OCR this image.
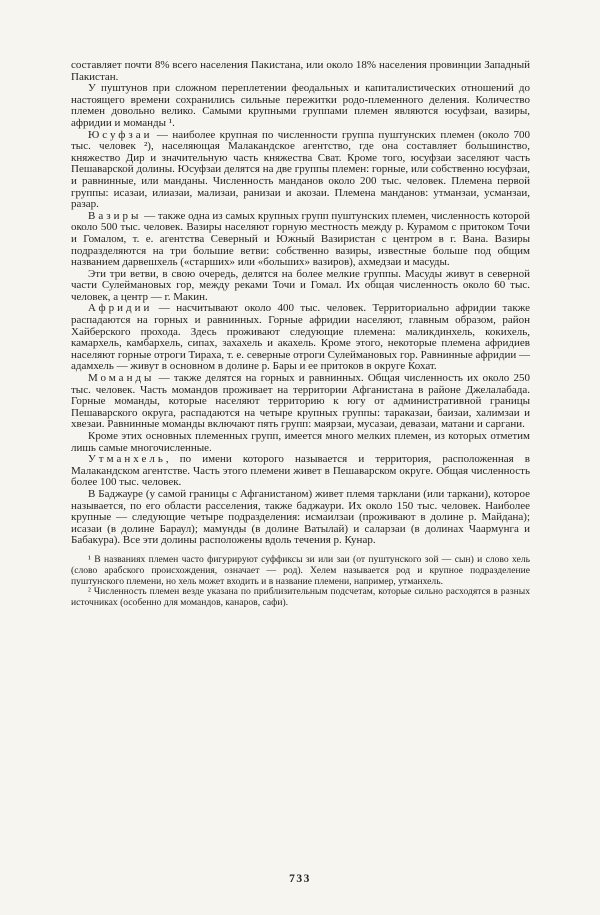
составляет почти 8% всего населения Пакистана, или около 18% населения провинции Западный Пакистан.

У пуштунов при сложном переплетении феодальных и капиталистических отношений до настоящего времени сохранились сильные пережитки родо-племенного деления. Количество племен довольно велико. Самыми крупными группами племен являются юсуфзаи, вазиры, афридии и моманды ¹.

Юсуфзаи — наиболее крупная по численности группа пуштунских племен (около 700 тыс. человек ²), населяющая Малакандское агентство, где она составляет большинство, княжество Дир и значительную часть княжества Сват. Кроме того, юсуфзаи заселяют часть Пешаварской долины. Юсуфзаи делятся на две группы племен: горные, или собственно юсуфзаи, и равнинные, или манданы. Численность манданов около 200 тыс. человек. Племена первой группы: исазаи, илиазаи, мализаи, ранизаи и акозаи. Племена манданов: утманзаи, усманзаи, разар.

Вазиры — также одна из самых крупных групп пуштунских племен, численность которой около 500 тыс. человек. Вазиры населяют горную местность между р. Курамом с притоком Точи и Гомалом, т. е. агентства Северный и Южный Вазиристан с центром в г. Вана. Вазиры подразделяются на три большие ветви: собственно вазиры, известные больше под общим названием дарвешхель («старших» или «больших» вазиров), ахмедзаи и масуды.

Эти три ветви, в свою очередь, делятся на более мелкие группы. Масуды живут в северной части Сулеймановых гор, между реками Точи и Гомал. Их общая численность около 60 тыс. человек, а центр — г. Макин.

Афридии — насчитывают около 400 тыс. человек. Территориально афридии также распадаются на горных и равнинных. Горные афридии населяют, главным образом, район Хайберского прохода. Здесь проживают следующие племена: маликдинхель, кокихель, камархель, камбархель, сипах, захахель и акахель. Кроме этого, некоторые племена афридиев населяют горные отроги Тираха, т. е. северные отроги Сулеймановых гор. Равнинные афридии — адамхель — живут в основном в долине р. Бары и ее притоков в округе Кохат.

Моманды — также делятся на горных и равнинных. Общая численность их около 250 тыс. человек. Часть момандов проживает на территории Афганистана в районе Джелалабада. Горные моманды, которые населяют территорию к югу от административной границы Пешаварского округа, распадаются на четыре крупных группы: тараказаи, баизаи, халимзаи и хвезаи. Равнинные моманды включают пять групп: маярзаи, мусазаи, девазаи, матани и саргани.

Кроме этих основных племенных групп, имеется много мелких племен, из которых отметим лишь самые многочисленные.

Утманхель, по имени которого называется и территория, расположенная в Малакандском агентстве. Часть этого племени живет в Пешаварском округе. Общая численность более 100 тыс. человек.

В Баджауре (у самой границы с Афганистаном) живет племя тарклани (или таркани), которое называется, по его области расселения, также баджаури. Их около 150 тыс. человек. Наиболее крупные — следующие четыре подразделения: исмаилзаи (проживают в долине р. Майдана); исазаи (в долине Бараул); мамунды (в долине Ватылай) и саларзаи (в долинах Чаармунга и Бабакура). Все эти долины расположены вдоль течения р. Кунар.

¹ В названиях племен часто фигурируют суффиксы зи или заи (от пуштунского зой — сын) и слово хель (слово арабского происхождения, означает — род). Хелем называется род и крупное подразделение пуштунского племени, но хель может входить и в название племени, например, утманхель.

² Численность племен везде указана по приблизительным подсчетам, которые сильно расходятся в разных источниках (особенно для момандов, канаров, сафи).

733
